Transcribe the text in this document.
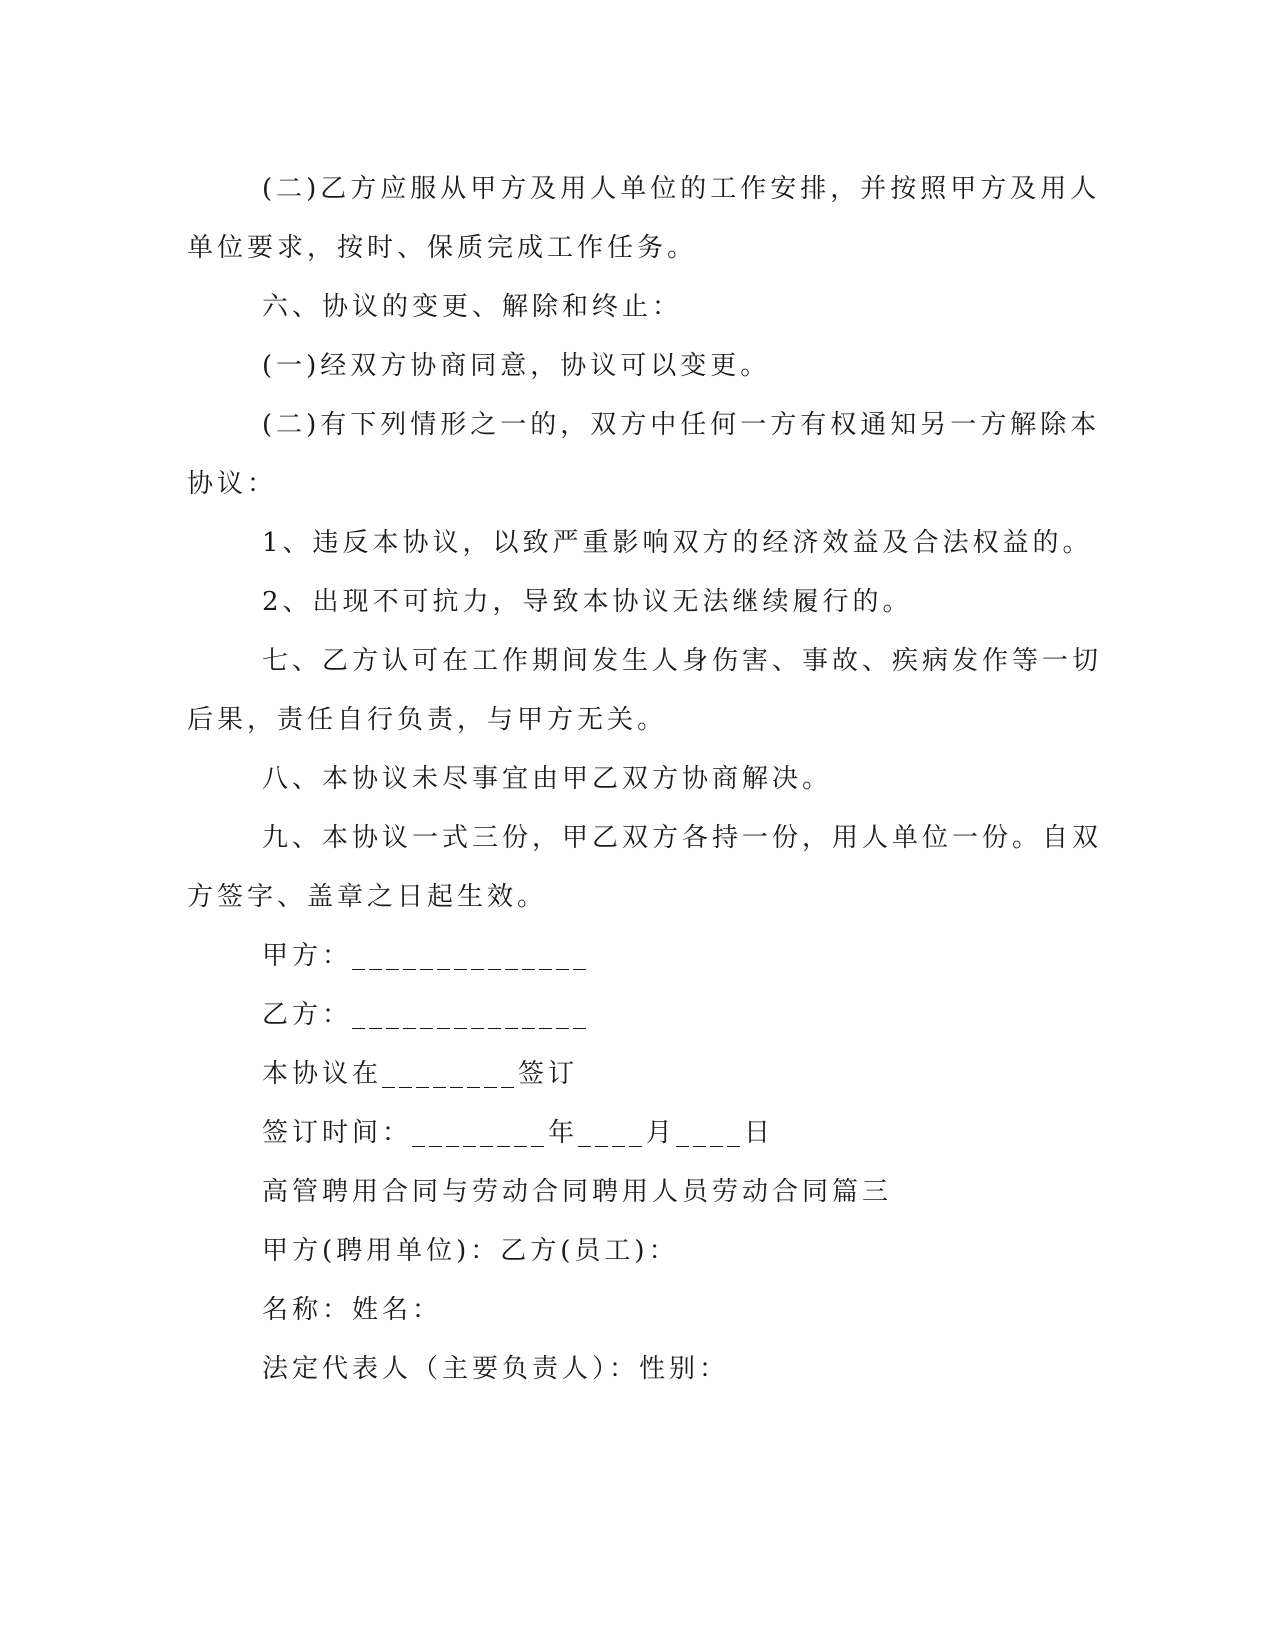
(二)乙方应服从甲方及用人单位的工作安排，并按照甲方及用人
单位要求，按时、保质完成工作任务。
六、协议的变更、解除和终止：
(一)经双方协商同意，协议可以变更。
(二)有下列情形之一的，双方中任何一方有权通知另一方解除本
协议：
1、违反本协议，以致严重影响双方的经济效益及合法权益的。
2、出现不可抗力，导致本协议无法继续履行的。
七、乙方认可在工作期间发生人身伤害、事故、疾病发作等一切
后果，责任自行负责，与甲方无关。
八、本协议未尽事宜由甲乙双方协商解决。
九、本协议一式三份，甲乙双方各持一份，用人单位一份。自双
方签字、盖章之日起生效。
甲方：______________
乙方：______________
本协议在________签订
签订时间：________年____月____日
高管聘用合同与劳动合同聘用人员劳动合同篇三
甲方(聘用单位)：乙方(员工)：
名称：姓名：
法定代表人（主要负责人）：性别：
